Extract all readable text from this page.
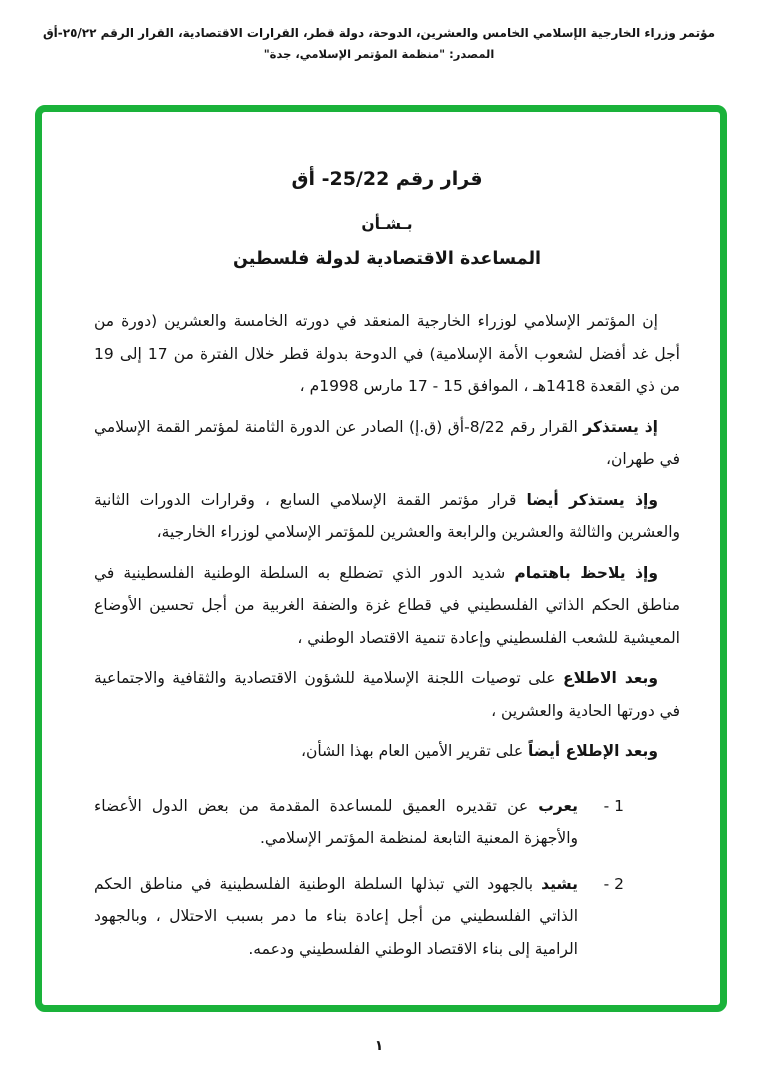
مؤتمر وزراء الخارجية الإسلامي الخامس والعشرين، الدوحة، دولة قطر، القرارات الاقتصادية، القرار الرقم ٢٥/٢٢-أق
المصدر: "منظمة المؤتمر الإسلامي، جدة"
قرار رقم 25/22- أق
بـشـأن
المساعدة الاقتصادية لدولة فلسطين

إن المؤتمر الإسلامي لوزراء الخارجية المنعقد في دورته الخامسة والعشرين (دورة من أجل غد أفضل لشعوب الأمة الإسلامية) في الدوحة بدولة قطر خلال الفترة من 17 إلى 19 من ذي القعدة 1418هـ ، الموافق 15 - 17 مارس 1998م ،

إذ يستذكر القرار رقم 8/22-أق (ق.إ) الصادر عن الدورة الثامنة لمؤتمر القمة الإسلامي في طهران،

وإذ يستذكر أيضا قرار مؤتمر القمة الإسلامي السابع ، وقرارات الدورات الثانية والعشرين والثالثة والعشرين والرابعة والعشرين للمؤتمر الإسلامي لوزراء الخارجية،

وإذ يلاحظ باهتمام شديد الدور الذي تضطلع به السلطة الوطنية الفلسطينية في مناطق الحكم الذاتي الفلسطيني في قطاع غزة والضفة الغربية من أجل تحسين الأوضاع المعيشية للشعب الفلسطيني وإعادة تنمية الاقتصاد الوطني ،

وبعد الاطلاع على توصيات اللجنة الإسلامية للشؤون الاقتصادية والثقافية والاجتماعية في دورتها الحادية والعشرين ،

وبعد الإطلاع أيضاً على تقرير الأمين العام بهذا الشأن،

1 -

يعرب عن تقديره العميق للمساعدة المقدمة من بعض الدول الأعضاء والأجهزة المعنية التابعة لمنظمة المؤتمر الإسلامي.

2 -

يشيد بالجهود التي تبذلها السلطة الوطنية الفلسطينية في مناطق الحكم الذاتي الفلسطيني من أجل إعادة بناء ما دمر بسبب الاحتلال ، وبالجهود الرامية إلى بناء الاقتصاد الوطني الفلسطيني ودعمه.

١
